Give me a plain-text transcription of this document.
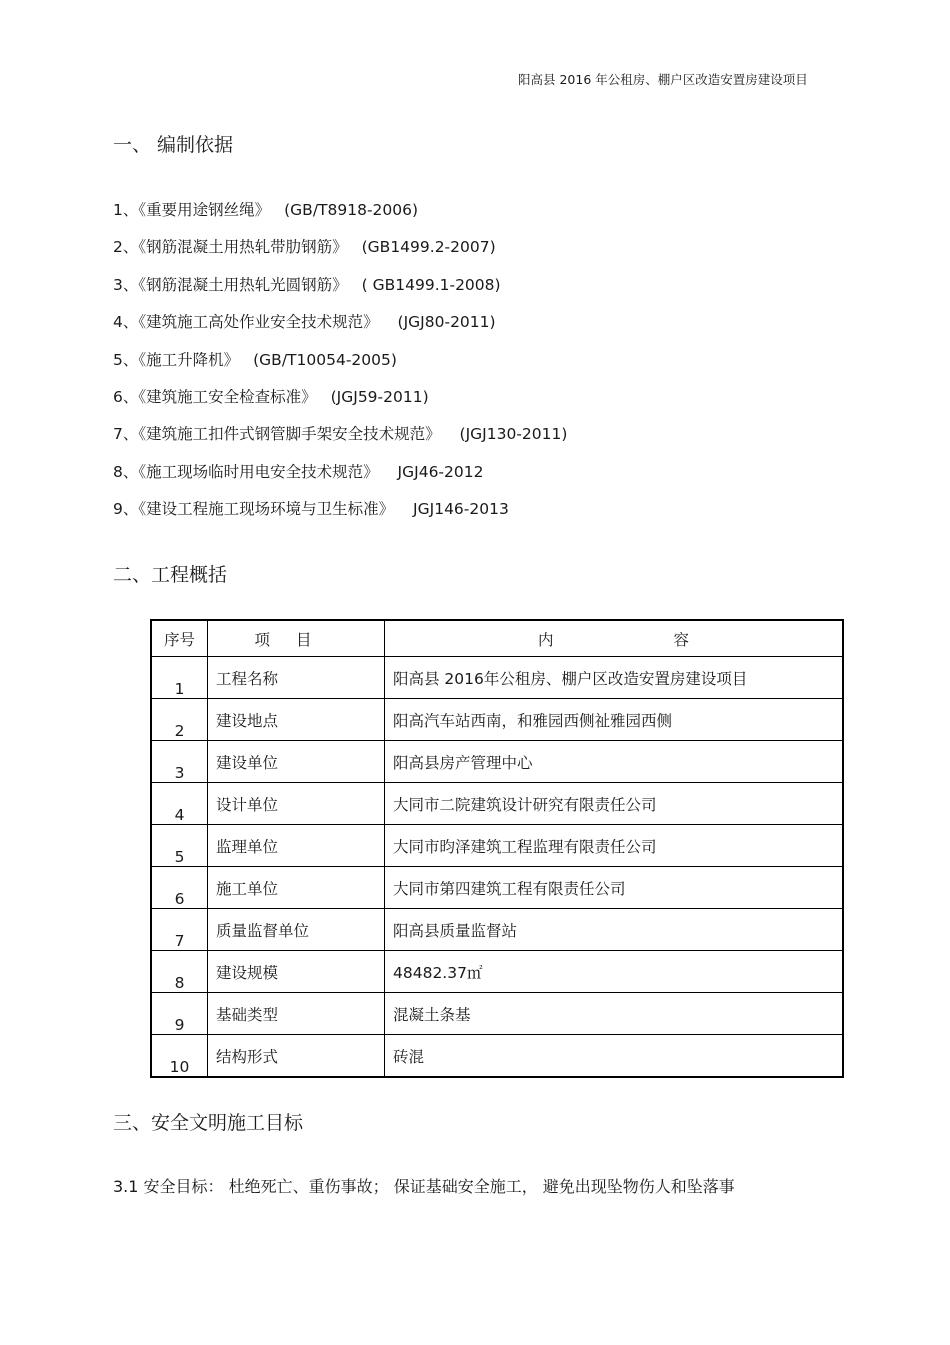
阳高县 2016 年公租房、棚户区改造安置房建设项目
一、 编制依据
1、《重要用途钢丝绳》 (GB/T8918-2006)
2、《钢筋混凝土用热轧带肋钢筋》 (GB1499.2-2007)
3、《钢筋混凝土用热轧光圆钢筋》 ( GB1499.1-2008)
4、《建筑施工高处作业安全技术规范》 (JGJ80-2011)
5、《施工升降机》 (GB/T10054-2005)
6、《建筑施工安全检查标准》 (JGJ59-2011)
7、《建筑施工扣件式钢管脚手架安全技术规范》 (JGJ130-2011)
8、《施工现场临时用电安全技术规范》 JGJ46-2012
9、《建设工程施工现场环境与卫生标准》 JGJ146-2013
二、工程概括
序号	项目	内容
1	工程名称	阳高县 2016年公租房、棚户区改造安置房建设项目
2	建设地点	阳高汽车站西南，和雅园西侧祉雅园西侧
3	建设单位	阳高县房产管理中心
4	设计单位	大同市二院建筑设计研究有限责任公司
5	监理单位	大同市昀泽建筑工程监理有限责任公司
6	施工单位	大同市第四建筑工程有限责任公司
7	质量监督单位	阳高县质量监督站
8	建设规模	48482.37㎡
9	基础类型	混凝土条基
10	结构形式	砖混
三、安全文明施工目标
3.1 安全目标： 杜绝死亡、重伤事故； 保证基础安全施工， 避免出现坠物伤人和坠落事
